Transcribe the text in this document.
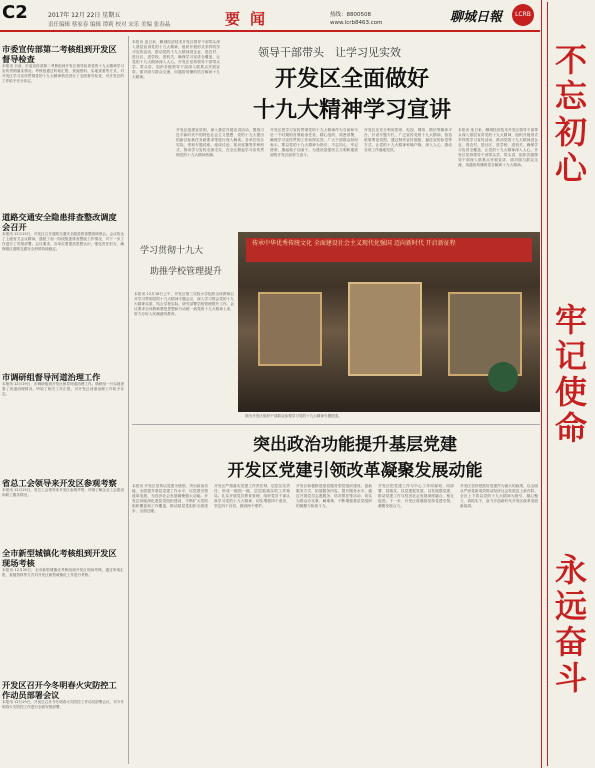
C2	2017年 12月 22日 星期五
责任编辑 蔡家春 编辑 谭莉 校对 宋乐 美编 张春晶	要闻	热线：8800508
www.lcrb8463.com	聊城日報	LCRB
不忘初心
牢记使命
永远奋斗
市委宣传部第二考核组到开发区督导检查
本报讯 日前，市委宣传部第二考核组到开发区督导检查党的十九大精神学习宣传贯彻落实情况。考核组通过听取汇报、查阅资料、实地查看等方式，对开发区学习宣传贯彻党的十九大精神情况进行了全面督导检查，对开发区的工作给予充分肯定。
道路交通安全隐患排查整改调度会召开
本报讯 12月15日，开发区召开道路交通安全隐患排查整改调度会。会议传达了上级有关会议精神，通报了前一阶段隐患排查整改工作情况，对下一步工作进行了安排部署。会议要求，各单位要提高思想认识，强化责任担当，确保辖区道路交通安全形势持续稳定。
市调研组督导河道治理工作
本报讯 12月19日，市调研组到开发区督导河道治理工作。调研组一行实地查看了河道治理情况，听取了相关工作汇报，对开发区河道治理工作给予肯定。
省总工会领导来开发区参观考察
本报讯 12月15日，省总工会领导来开发区参观考察，详细了解企业工会建设和职工服务情况。
全市新型城镇化考核组到开发区现场考核
本报讯 12月20日，全市新型城镇化考核组到开发区现场考核，通过听取汇报、查阅资料等方式对开发区新型城镇化工作进行考核。
开发区召开今冬明春火灾防控工作动员部署会议
本报讯 12月19日，开发区召开今冬明春火灾防控工作动员部署会议，对今冬明春火灾防控工作进行全面安排部署。
领导干部带头　让学习见实效
开发区全面做好
十九大精神学习宣讲
本报讯 连日来，聊城经济技术开发区领导干部带头深入基层宣讲党的十九大精神，组织开展形式多样的学习宣传活动，推动党的十九大精神进企业、进农村、进社区、进学校、进机关，确保学习宣讲全覆盖，让党的十九大精神深入人心。开发区坚持领导干部带头学、带头讲，组织各级领导干部深入联系点开展宣讲，面对面与群众交流，用通俗易懂的语言解读十九大精神。
开发区组建宣讲团，深入基层开展宣讲活动，围绕习近平新时代中国特色社会主义思想、党的十九大提出的新目标新任务新要求等进行深入解读。各单位结合实际，采取专题讲座、座谈讨论、知识竞赛等多种形式，推动学习宣传走深走实，在全区掀起学习宣传贯彻党的十九大精神热潮。
开发区把学习宣传贯彻党的十九大精神作为当前和今后一个时期的首要政治任务，精心组织、周密部署，确保学习宣传贯彻工作取得实效。广大干部群众纷纷表示，要以党的十九大精神为指引，不忘初心、牢记使命，撸起袖子加油干，为建设富强民主文明和谐美丽的开发区而努力奋斗。
开发区还充分利用报纸、电视、网络、微信等媒体平台，开设专题专栏，广泛宣传党的十九大精神，营造浓厚舆论氛围。通过制作宣传展板、悬挂宣传标语等方式，让党的十九大精神家喻户晓、深入人心，推动各项工作落地见效。
本报讯 连日来，聊城经济技术开发区领导干部带头深入基层宣讲党的十九大精神，组织开展形式多样的学习宣传活动，推动党的十九大精神进企业、进农村、进社区、进学校、进机关，确保学习宣讲全覆盖，让党的十九大精神深入人心。开发区坚持领导干部带头学、带头讲，组织各级领导干部深入联系点开展宣讲，面对面与群众交流，用通俗易懂的语言解读十九大精神。
学习贯彻十九大
助推学校管理提升
本报讯 12月18日上午，开发区第三实验小学组织全体教师召开学习贯彻党的十九大精神专题会议，深入学习领会党的十九大精神实质，结合学校实际，研究部署学校管理提升工作。会议要求全体教师要把思想和行动统一到党的十九大精神上来，努力办好人民满意的教育。
传承中华优秀传统文化 全面建设社会主义现代化强国 迈向新时代 开启新征程
图为开发区组织干部群众参观学习党的十九大精神专题展览。
突出政治功能提升基层党建
开发区党建引领改革凝聚发展动能
本报讯 开发区坚持以党建为统领，突出政治功能，全面提升基层党建工作水平，以党建引领改革发展，为经济社会发展凝聚强大动能。开发区持续深化基层党组织建设，不断扩大党的组织覆盖和工作覆盖，推动基层党组织全面进步、全面过硬。
开发区严格落实党建工作责任制，层层压实责任，形成一级抓一级、层层抓落实的工作格局。扎实开展党员教育管理，组织党员干部认真学习党的十九大精神，切实增强四个意识，坚定四个自信，做到两个维护。
开发区积极推进基层服务型党组织建设，创新服务方式，拓展服务内容，提升服务水平。通过开展党员志愿服务、结对帮扶等活动，切实为群众办实事、解难事，不断增强基层党组织的凝聚力和战斗力。
开发区把党建工作与中心工作同谋划、同部署、同落实，以党建促发展、以发展强党建，推动党建工作与经济社会发展深度融合、相互促进。下一步，开发区将继续坚持党建引领，凝聚发展合力。
开发区坚持把抓好党建作为最大的政绩，以全面从严治党新成效推动经济社会发展迈上新台阶。全区上下将以党的十九大精神为指引，凝心聚力、真抓实干，奋力开创新时代开发区改革发展新局面。
